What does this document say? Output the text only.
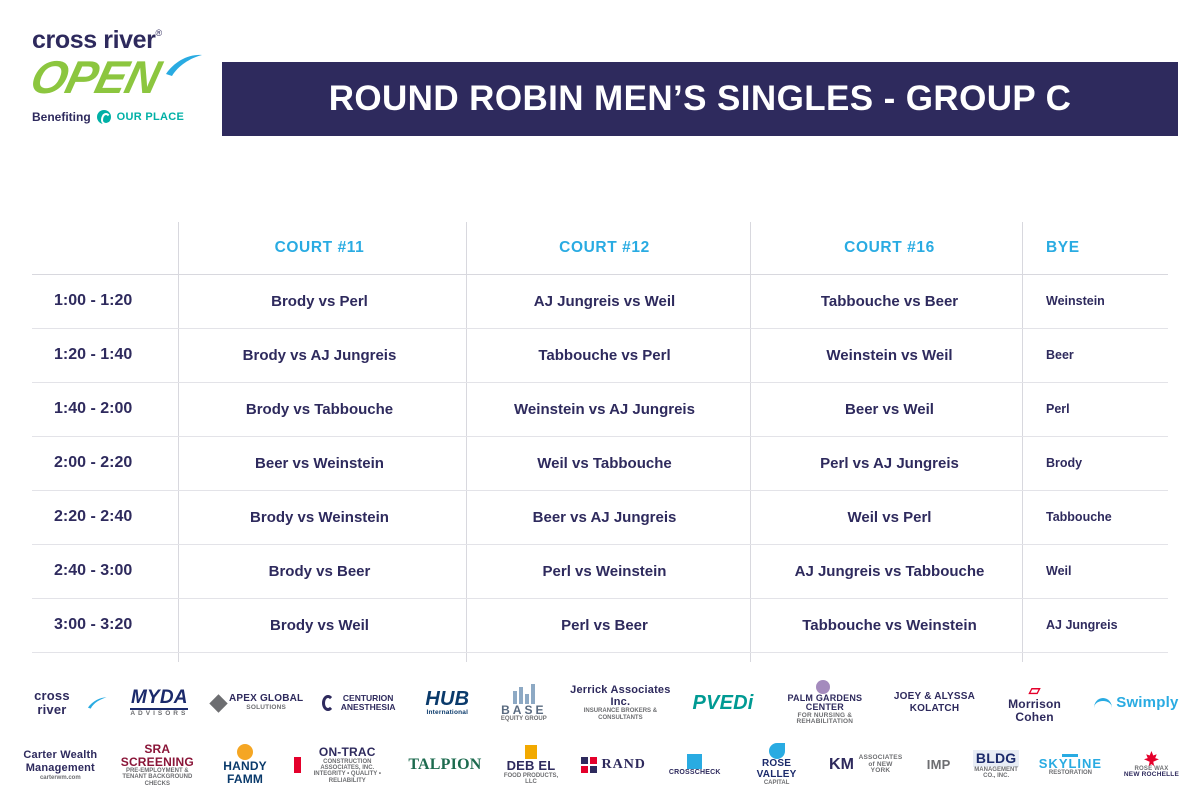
cross river ®
OPEN
Benefiting OUR PLACE	ROUND ROBIN MEN’S SINGLES - GROUP C
	COURT #11	COURT #12	COURT #16	BYE
1:00 - 1:20	Brody vs Perl	AJ Jungreis vs Weil	Tabbouche vs Beer	Weinstein
1:20 - 1:40	Brody vs AJ Jungreis	Tabbouche vs Perl	Weinstein vs Weil	Beer
1:40 - 2:00	Brody vs Tabbouche	Weinstein vs AJ Jungreis	Beer vs Weil	Perl
2:00 - 2:20	Beer vs Weinstein	Weil vs Tabbouche	Perl vs AJ Jungreis	Brody
2:20 - 2:40	Brody vs Weinstein	Beer vs AJ Jungreis	Weil vs Perl	Tabbouche
2:40 - 3:00	Brody vs Beer	Perl vs Weinstein	AJ Jungreis vs Tabbouche	Weil
3:00 - 3:20	Brody vs Weil	Perl vs Beer	Tabbouche vs Weinstein	AJ Jungreis
cross river
MYDA
ADVISORS
APEX GLOBAL
SOLUTIONS
CENTURION ANESTHESIA HUB
International	BASE
EQUITY GROUP
Jerrick Associates Inc.
INSURANCE BROKERS & CONSULTANTS
PVEDi	PALM GARDENS CENTER
FOR NURSING & REHABILITATION
JOEY & ALYSSA KOLATCH
▱
Morrison Cohen
Swimply
Carter Wealth Management
carterwm.com
SRA SCREENING
PRE-EMPLOYMENT & TENANT BACKGROUND CHECKS
HANDY FAMM
ON-TRAC
CONSTRUCTION ASSOCIATES, INC. INTEGRITY • QUALITY • RELIABILITY
TALPION DEB EL
FOOD PRODUCTS, LLC
RAND
CROSSCHECK
ROSE VALLEY
CAPITAL
KM ASSOCIATES of NEW YORK	IMP BLDG
MANAGEMENT CO., INC.
SKYLINE
RESTORATION
ROSE WAX
NEW ROCHELLE
